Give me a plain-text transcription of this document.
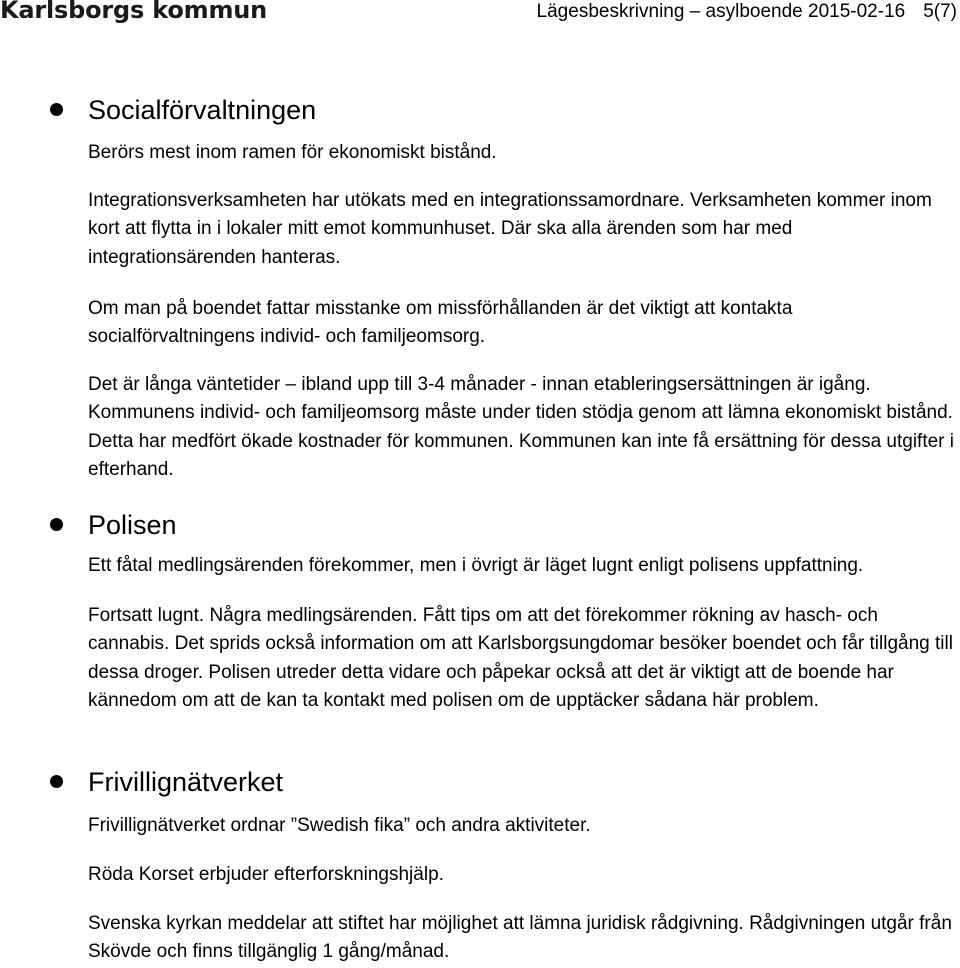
Karlsborgs kommun	Lägesbeskrivning – asylboende 2015-02-16 5(7)
Socialförvaltningen

Berörs mest inom ramen för ekonomiskt bistånd.

Integrationsverksamheten har utökats med en integrationssamordnare. Verksamheten kommer inom kort att flytta in i lokaler mitt emot kommunhuset. Där ska alla ärenden som har med integrationsärenden hanteras.

Om man på boendet fattar misstanke om missförhållanden är det viktigt att kontakta socialförvaltningens individ- och familjeomsorg.

Det är långa väntetider – ibland upp till 3-4 månader - innan etableringsersättningen är igång. Kommunens individ- och familjeomsorg måste under tiden stödja genom att lämna ekonomiskt bistånd. Detta har medfört ökade kostnader för kommunen. Kommunen kan inte få ersättning för dessa utgifter i efterhand.

Polisen

Ett fåtal medlingsärenden förekommer, men i övrigt är läget lugnt enligt polisens uppfattning.

Fortsatt lugnt. Några medlingsärenden. Fått tips om att det förekommer rökning av hasch- och cannabis. Det sprids också information om att Karlsborgsungdomar besöker boendet och får tillgång till dessa droger. Polisen utreder detta vidare och påpekar också att det är viktigt att de boende har kännedom om att de kan ta kontakt med polisen om de upptäcker sådana här problem.

Frivillignätverket

Frivillignätverket ordnar ”Swedish fika” och andra aktiviteter.

Röda Korset erbjuder efterforskningshjälp.

Svenska kyrkan meddelar att stiftet har möjlighet att lämna juridisk rådgivning. Rådgivningen utgår från Skövde och finns tillgänglig 1 gång/månad.
